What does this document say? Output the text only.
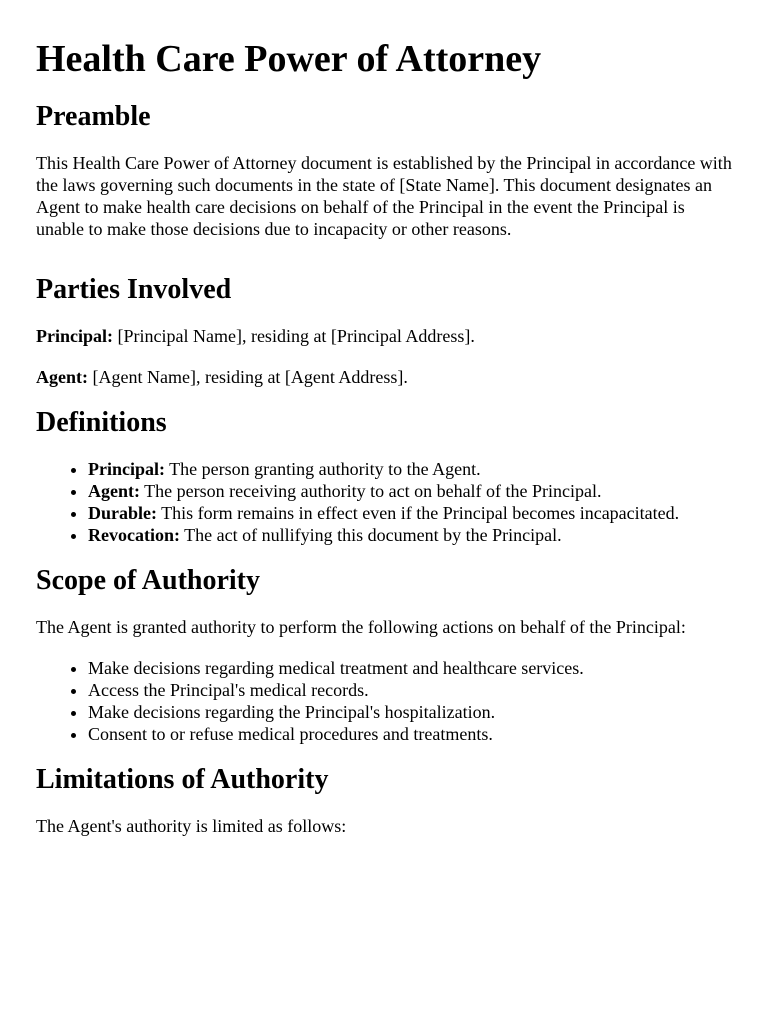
Health Care Power of Attorney
Preamble

This Health Care Power of Attorney document is established by the Principal in accordance with the laws governing such documents in the state of [State Name]. This document designates an Agent to make health care decisions on behalf of the Principal in the event the Principal is unable to make those decisions due to incapacity or other reasons.

Parties Involved

Principal: [Principal Name], residing at [Principal Address].

Agent: [Agent Name], residing at [Agent Address].

Definitions
• Principal: The person granting authority to the Agent.
• Agent: The person receiving authority to act on behalf of the Principal.
• Durable: This form remains in effect even if the Principal becomes incapacitated.
• Revocation: The act of nullifying this document by the Principal.
Scope of Authority

The Agent is granted authority to perform the following actions on behalf of the Principal:

• Make decisions regarding medical treatment and healthcare services.
• Access the Principal's medical records.
• Make decisions regarding the Principal's hospitalization.
• Consent to or refuse medical procedures and treatments.
Limitations of Authority

The Agent's authority is limited as follows:
